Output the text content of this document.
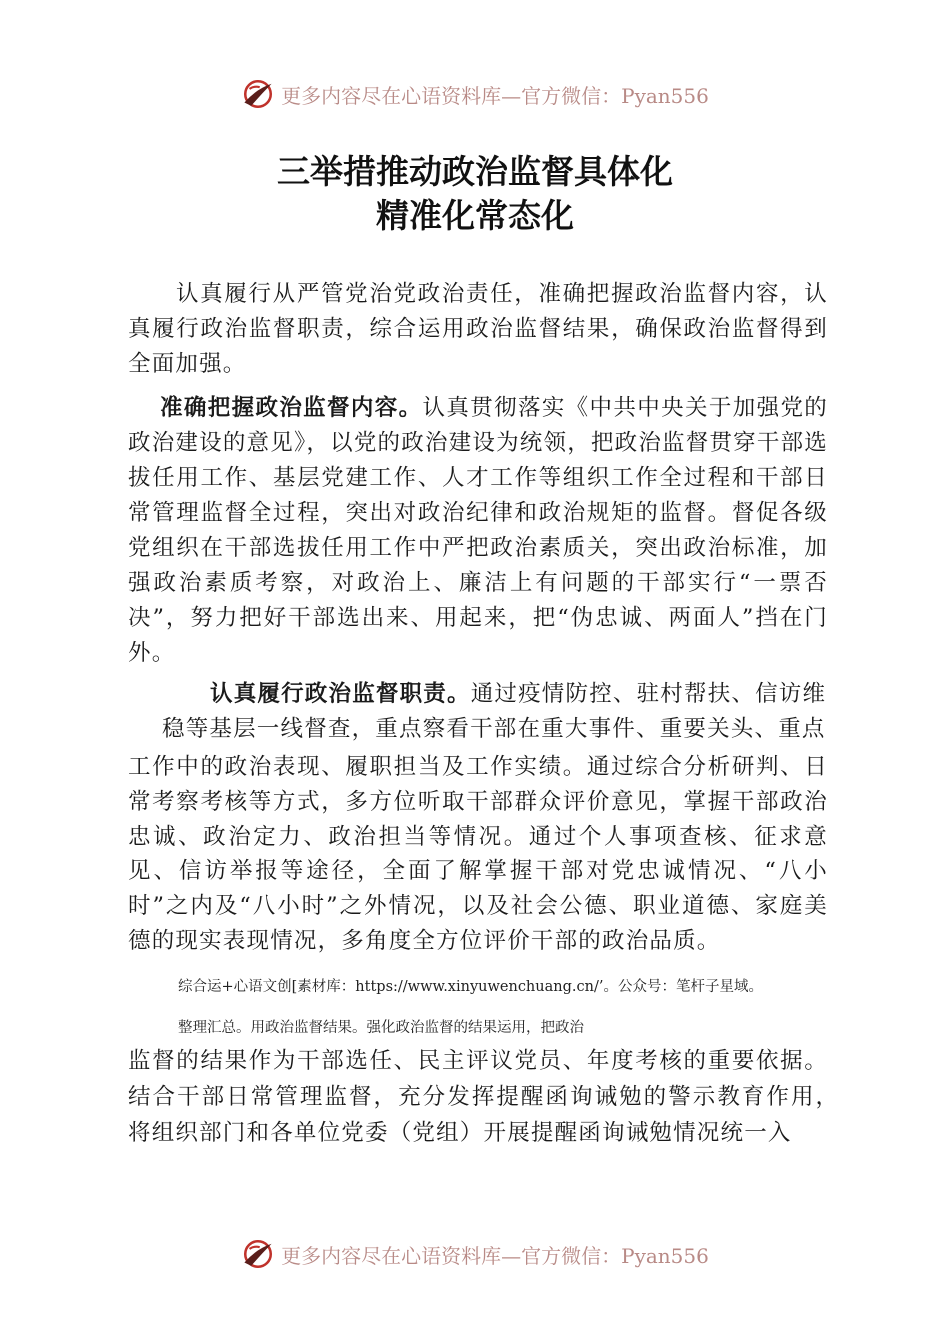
更多内容尽在心语资料库—官方微信：Pyan556
三举措推动政治监督具体化
精准化常态化
认真履行从严管党治党政治责任，准确把握政治监督内容，认真履行政治监督职责，综合运用政治监督结果，确保政治监督得到全面加强。
准确把握政治监督内容。认真贯彻落实《中共中央关于加强党的政治建设的意见》，以党的政治建设为统领，把政治监督贯穿干部选拔任用工作、基层党建工作、人才工作等组织工作全过程和干部日常管理监督全过程，突出对政治纪律和政治规矩的监督。督促各级党组织在干部选拔任用工作中严把政治素质关，突出政治标准，加强政治素质考察，对政治上、廉洁上有问题的干部实行“一票否决”，努力把好干部选出来、用起来，把“伪忠诚、两面人”挡在门外。
认真履行政治监督职责。通过疫情防控、驻村帮扶、信访维
稳等基层一线督查，重点察看干部在重大事件、重要关头、重点
工作中的政治表现、履职担当及工作实绩。通过综合分析研判、日常考察考核等方式，多方位听取干部群众评价意见，掌握干部政治忠诚、政治定力、政治担当等情况。通过个人事项查核、征求意见、信访举报等途径，全面了解掌握干部对党忠诚情况、“八小时”之内及“八小时”之外情况，以及社会公德、职业道德、家庭美德的现实表现情况，多角度全方位评价干部的政治品质。
综合运+心语文创[素材库：https://www.xinyuwenchuang.cn/’。公众号：笔杆子星域。
整理汇总。用政治监督结果。强化政治监督的结果运用，把政治
监督的结果作为干部选任、民主评议党员、年度考核的重要依据。结合干部日常管理监督，充分发挥提醒函询诫勉的警示教育作用，　将组织部门和各单位党委（党组）开展提醒函询诫勉情况统一入
更多内容尽在心语资料库—官方微信：Pyan556
